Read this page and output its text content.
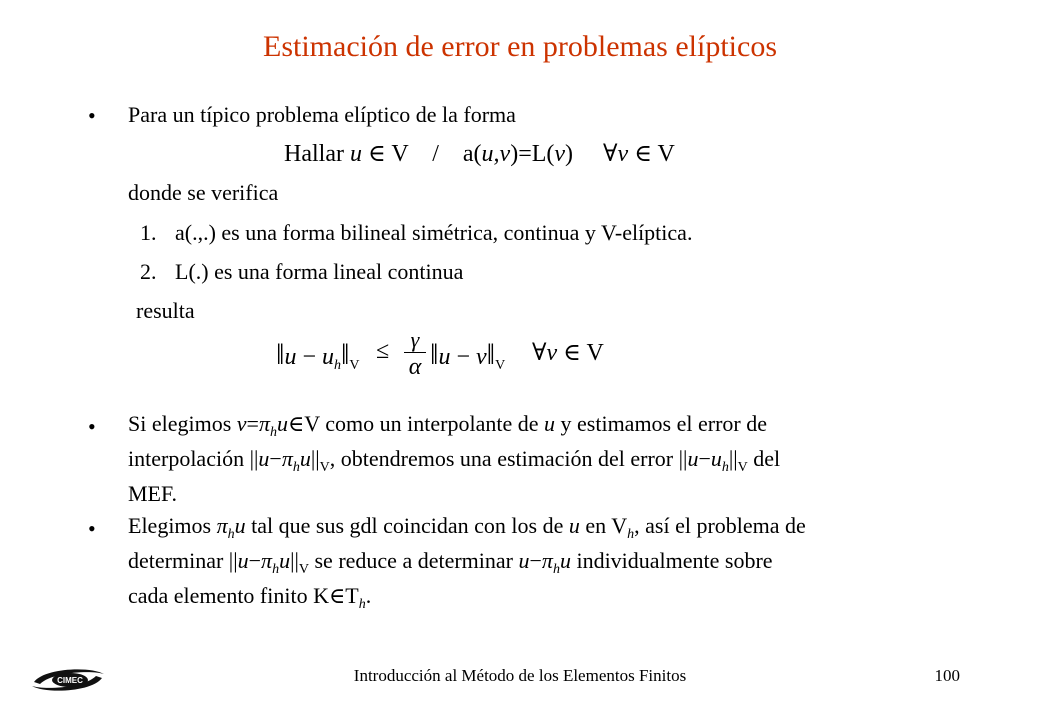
Estimación de error en problemas elípticos
• Para un típico problema elíptico de la forma
Hallar u ∈ V / a(u,v)=L(v) ∀v ∈ V
donde se verifica
1. a(.,.) es una forma bilineal simétrica, continua y V-elíptica.
2. L(.) es una forma lineal continua
resulta
‖u − $u_h‖_V$
≤ γ
α ‖u − $v‖_V$ ∀v ∈ V
• Si elegimos $v=\pi_hu\in V$ como un interpolante de u y estimamos el error de
interpolación $||u-\pi_hu||_V$, obtendremos una estimación del error $||u-u_h||_V$ del
MEF.
• Elegimos $\pi_hu$ tal que sus gdl coincidan con los de u en $V_h$, así el problema de
determinar $||u-\pi_hu||_V$ se reduce a determinar $u-\pi_hu$ individualmente sobre
cada elemento finito $K\in T_h$.
CIMEC	Introducción al Método de los Elementos Finitos	100
